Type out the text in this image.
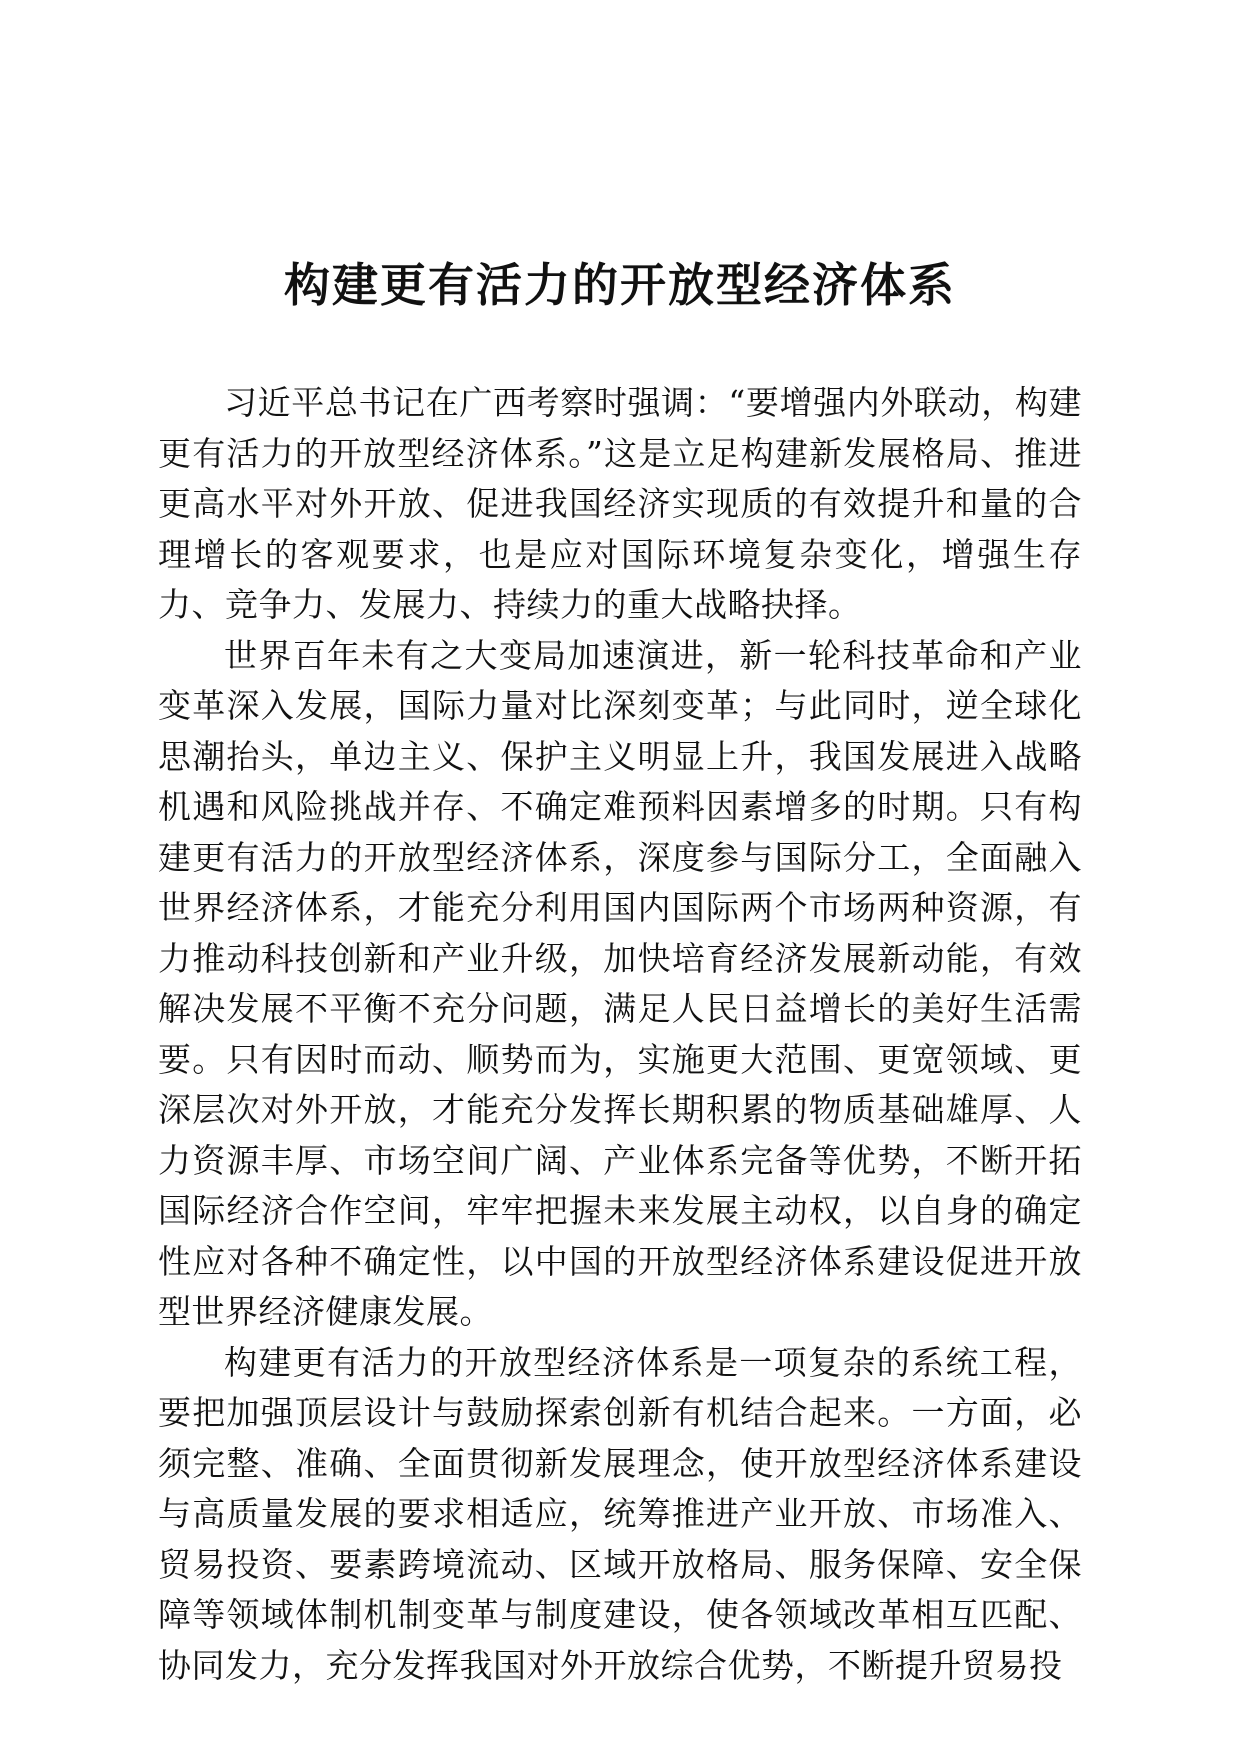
构建更有活力的开放型经济体系

习近平总书记在广西考察时强调：“要增强内外联动，构建更有活力的开放型经济体系。”这是立足构建新发展格局、推进更高水平对外开放、促进我国经济实现质的有效提升和量的合理增长的客观要求，也是应对国际环境复杂变化，增强生存力、竞争力、发展力、持续力的重大战略抉择。

世界百年未有之大变局加速演进，新一轮科技革命和产业变革深入发展，国际力量对比深刻变革；与此同时，逆全球化思潮抬头，单边主义、保护主义明显上升，我国发展进入战略机遇和风险挑战并存、不确定难预料因素增多的时期。只有构建更有活力的开放型经济体系，深度参与国际分工，全面融入世界经济体系，才能充分利用国内国际两个市场两种资源，有力推动科技创新和产业升级，加快培育经济发展新动能，有效解决发展不平衡不充分问题，满足人民日益增长的美好生活需要。只有因时而动、顺势而为，实施更大范围、更宽领域、更深层次对外开放，才能充分发挥长期积累的物质基础雄厚、人力资源丰厚、市场空间广阔、产业体系完备等优势，不断开拓国际经济合作空间，牢牢把握未来发展主动权，以自身的确定性应对各种不确定性，以中国的开放型经济体系建设促进开放型世界经济健康发展。

构建更有活力的开放型经济体系是一项复杂的系统工程，要把加强顶层设计与鼓励探索创新有机结合起来。一方面，必须完整、准确、全面贯彻新发展理念，使开放型经济体系建设与高质量发展的要求相适应，统筹推进产业开放、市场准入、贸易投资、要素跨境流动、区域开放格局、服务保障、安全保障等领域体制机制变革与制度建设，使各领域改革相互匹配、协同发力，充分发挥我国对外开放综合优势，不断提升贸易投
